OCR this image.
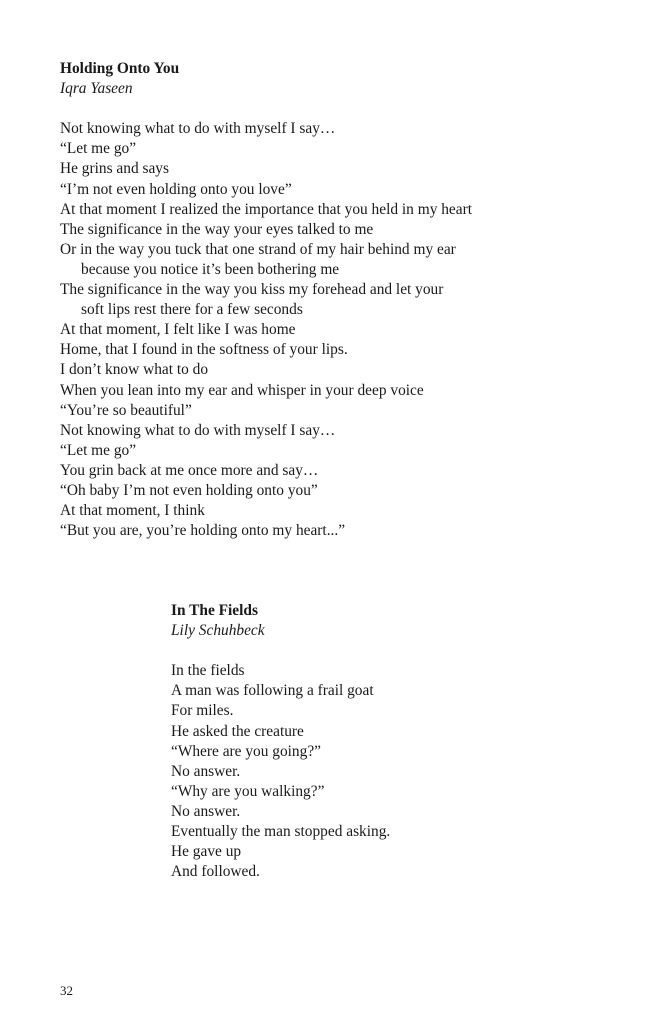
Holding Onto You
Iqra Yaseen
Not knowing what to do with myself I say…
“Let me go”
He grins and says
“I’m not even holding onto you love”
At that moment I realized the importance that you held in my heart
The significance in the way your eyes talked to me
Or in the way you tuck that one strand of my hair behind my ear
because you notice it’s been bothering me
The significance in the way you kiss my forehead and let your
soft lips rest there for a few seconds
At that moment, I felt like I was home
Home, that I found in the softness of your lips.
I don’t know what to do
When you lean into my ear and whisper in your deep voice
“You’re so beautiful”
Not knowing what to do with myself I say…
“Let me go”
You grin back at me once more and say…
“Oh baby I’m not even holding onto you”
At that moment, I think
“But you are, you’re holding onto my heart...”
In The Fields
Lily Schuhbeck
In the fields
A man was following a frail goat
For miles.
He asked the creature
“Where are you going?”
No answer.
“Why are you walking?”
No answer.
Eventually the man stopped asking.
He gave up
And followed.
32
